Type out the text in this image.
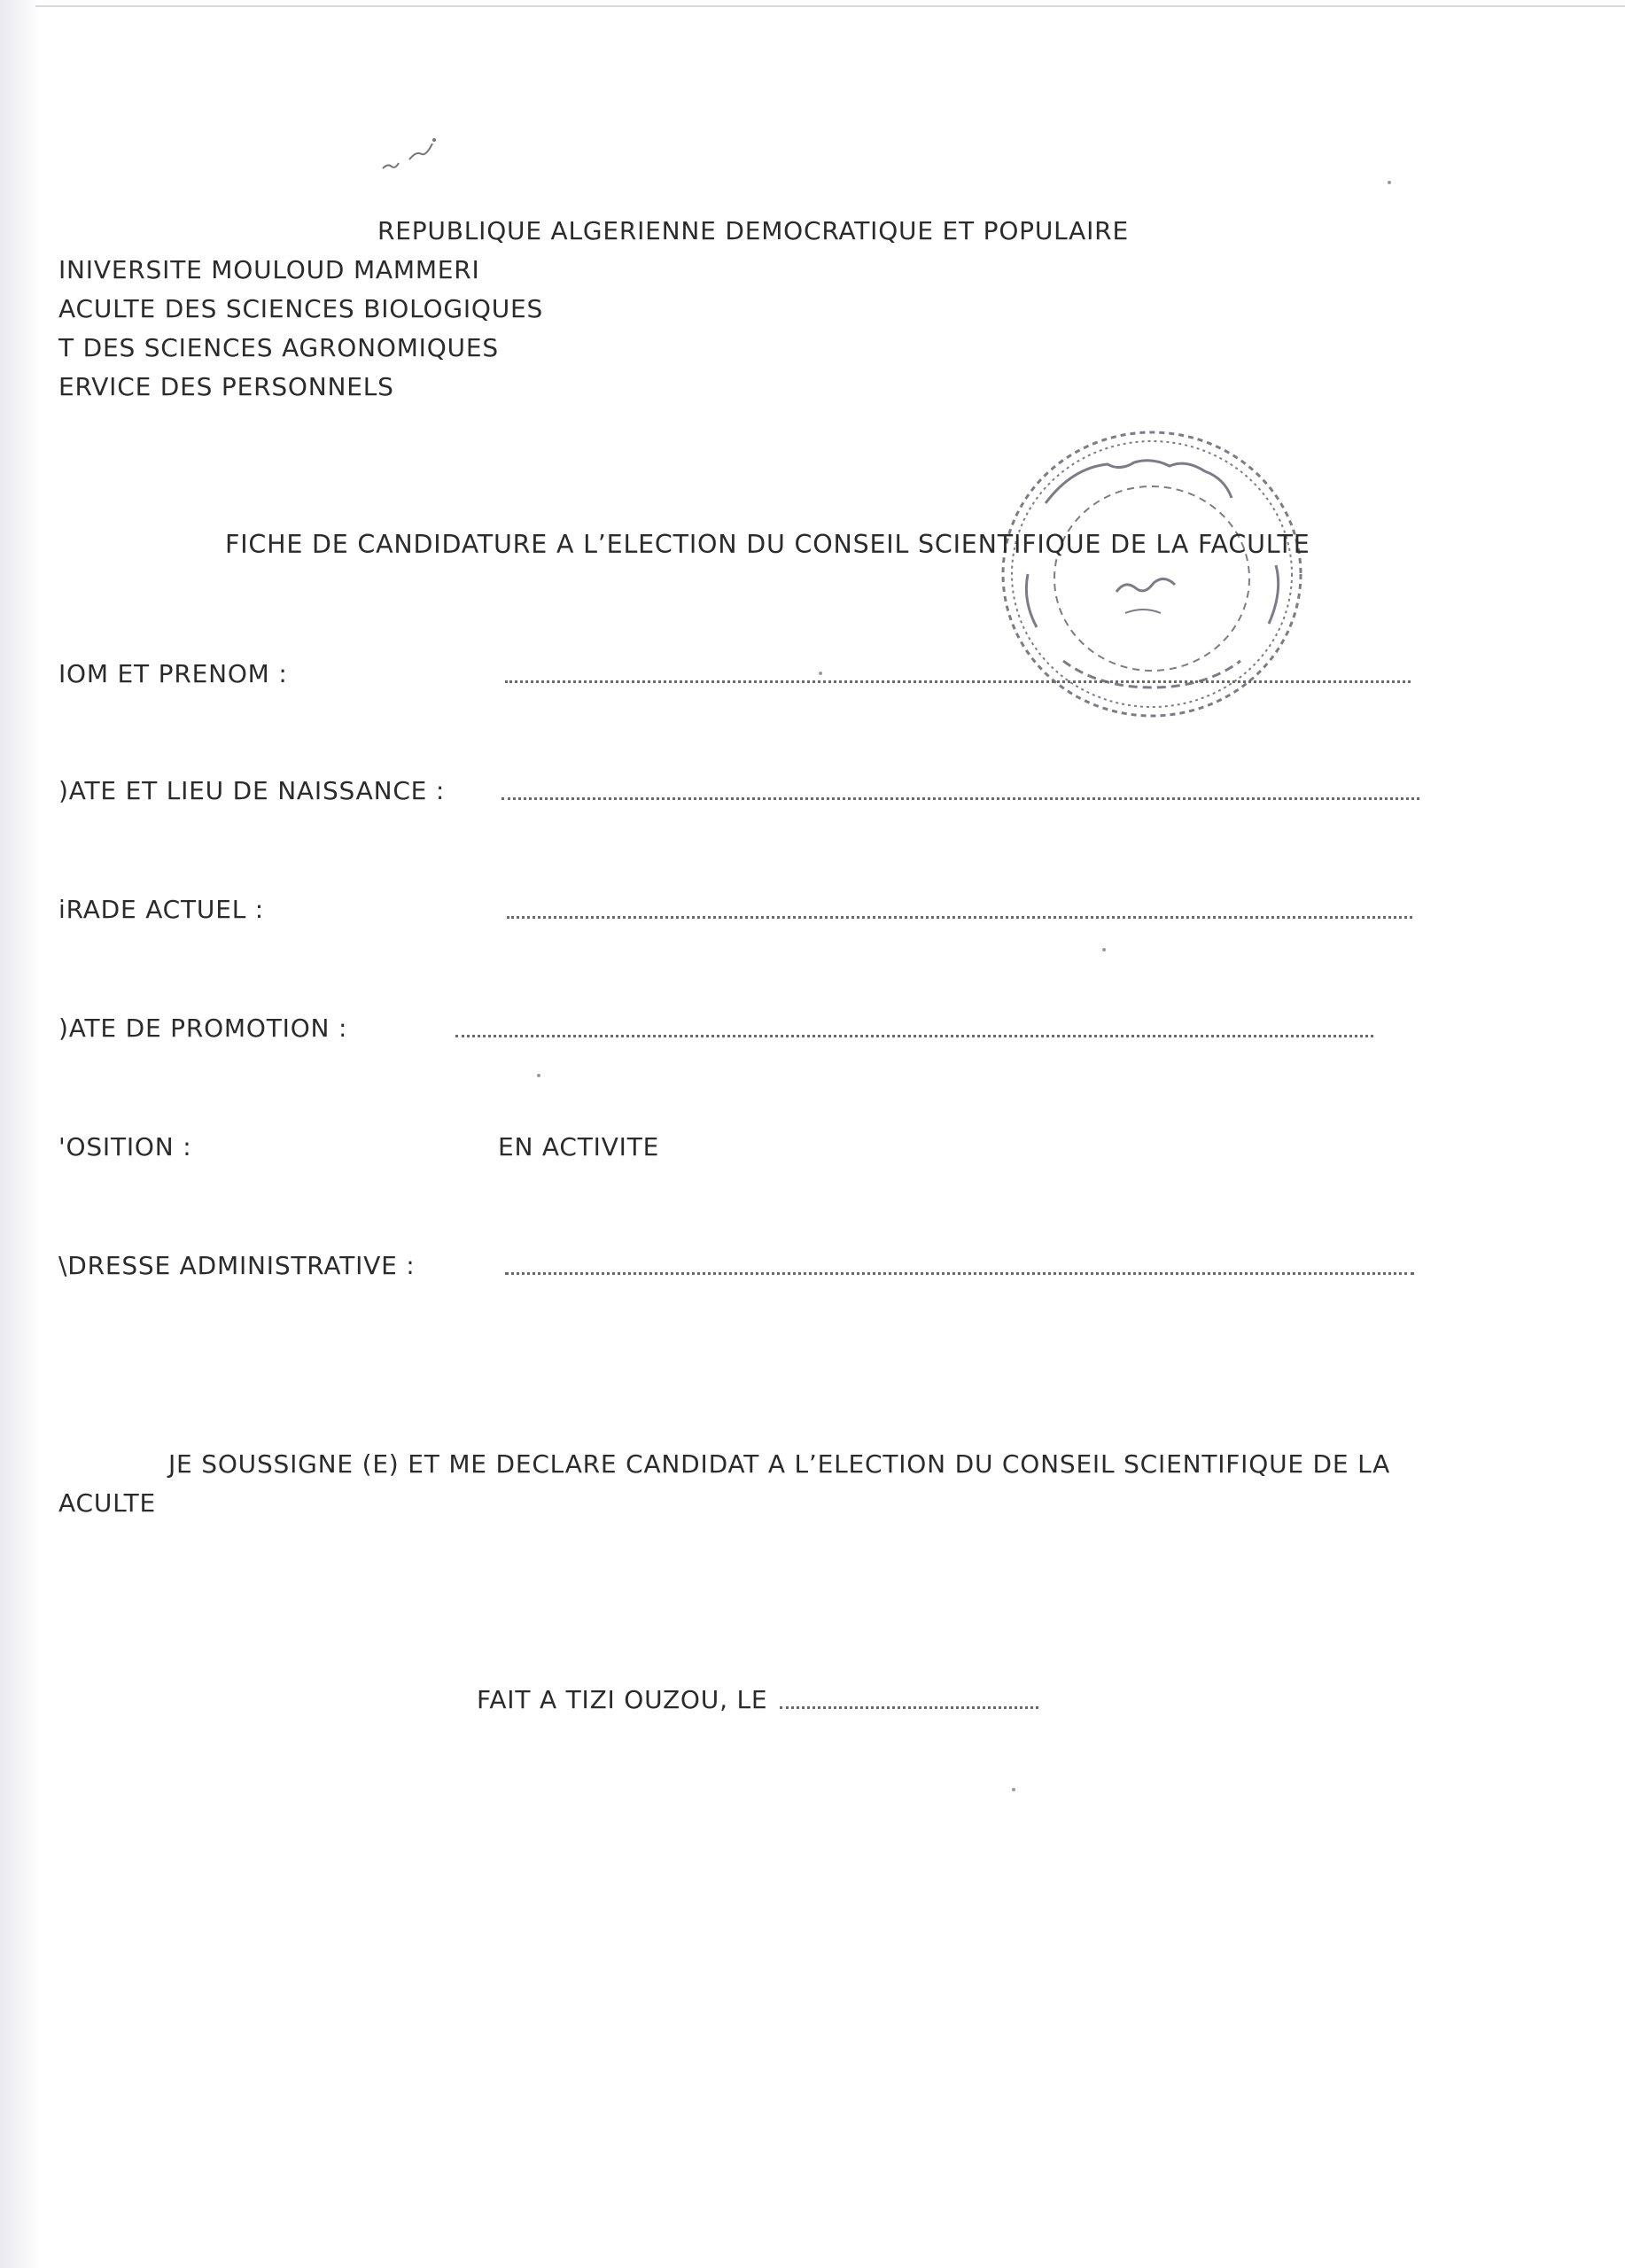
REPUBLIQUE ALGERIENNE DEMOCRATIQUE ET POPULAIRE
INIVERSITE MOULOUD MAMMERI
ACULTE DES SCIENCES BIOLOGIQUES
T DES SCIENCES AGRONOMIQUES
ERVICE DES PERSONNELS
FICHE DE CANDIDATURE A L’ELECTION DU CONSEIL SCIENTIFIQUE DE LA FACULTE
IOM ET PRENOM :
)ATE ET LIEU DE NAISSANCE :
iRADE ACTUEL :
)ATE DE PROMOTION :
'OSITION :	EN ACTIVITE
\DRESSE ADMINISTRATIVE :
JE SOUSSIGNE (E) ET ME DECLARE CANDIDAT A L’ELECTION DU CONSEIL SCIENTIFIQUE DE LA
ACULTE
FAIT A TIZI OUZOU, LE
